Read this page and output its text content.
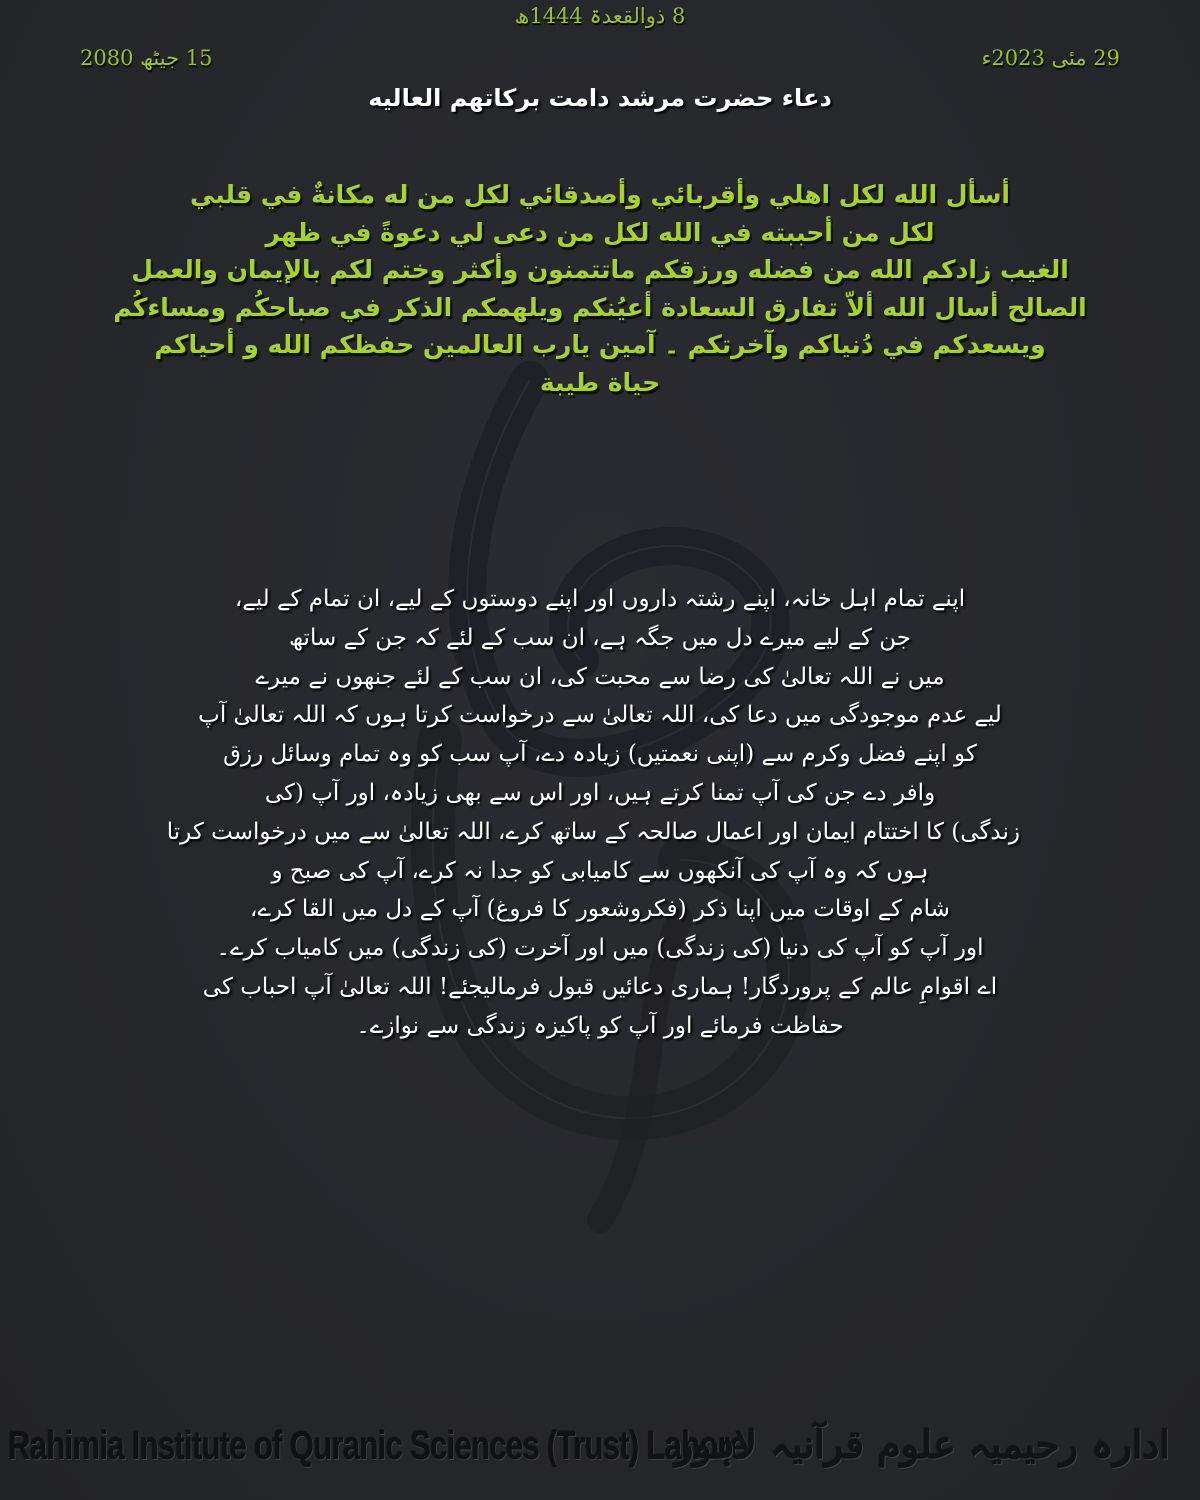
8 ذوالقعدۃ 1444ھ
29 مئی 2023ء
15 جیٹھ 2080
دعاء حضرت مرشد دامت برکاتهم العالیه
أسأل الله لكل اهلي وأقربائي وأصدقائي لكل من له مكانةٌ في قلبي
لكل من أحببته في الله لكل من دعى لي دعوةً في ظهر
الغيب زادكم الله من فضله ورزقكم ماتتمنون وأكثر وختم لكم بالإيمان والعمل
الصالح أسال الله ألاّ تفارق السعادة أعيُنكم ويلهمكم الذكر في صباحكُم ومساءكُم
ويسعدكم في دُنياكم وآخرتكم ۔ آمين يارب العالمين حفظكم الله و أحياكم
حياة طيبة
اپنے تمام اہل خانہ، اپنے رشتہ داروں اور اپنے دوستوں کے لیے، ان تمام کے لیے،
جن کے لیے میرے دل میں جگہ ہے، ان سب کے لئے کہ جن کے ساتھ
میں نے اللہ تعالیٰ کی رضا سے محبت کی، ان سب کے لئے جنھوں نے میرے
لیے عدم موجودگی میں دعا کی، اللہ تعالیٰ سے درخواست کرتا ہوں کہ اللہ تعالیٰ آپ
کو اپنے فضل وکرم سے (اپنی نعمتیں) زیادہ دے، آپ سب کو وہ تمام وسائل رزق
وافر دے جن کی آپ تمنا کرتے ہیں، اور اس سے بھی زیادہ، اور آپ (کی
زندگی) کا اختتام ایمان اور اعمال صالحہ کے ساتھ کرے، اللہ تعالیٰ سے میں درخواست کرتا
ہوں کہ وہ آپ کی آنکھوں سے کامیابی کو جدا نہ کرے، آپ کی صبح و
شام کے اوقات میں اپنا ذکر (فکروشعور کا فروغ) آپ کے دل میں القا کرے،
اور آپ کو آپ کی دنیا (کی زندگی) میں اور آخرت (کی زندگی) میں کامیاب کرے۔
اے اقوامِ عالم کے پروردگار! ہماری دعائیں قبول فرمالیجئے! اللہ تعالیٰ آپ احباب کی
حفاظت فرمائے اور آپ کو پاکیزہ زندگی سے نوازے۔
Rahimia Institute of Quranic Sciences (Trust) Lahore
ادارہ رحیمیہ علوم قرآنیہ لاہور
